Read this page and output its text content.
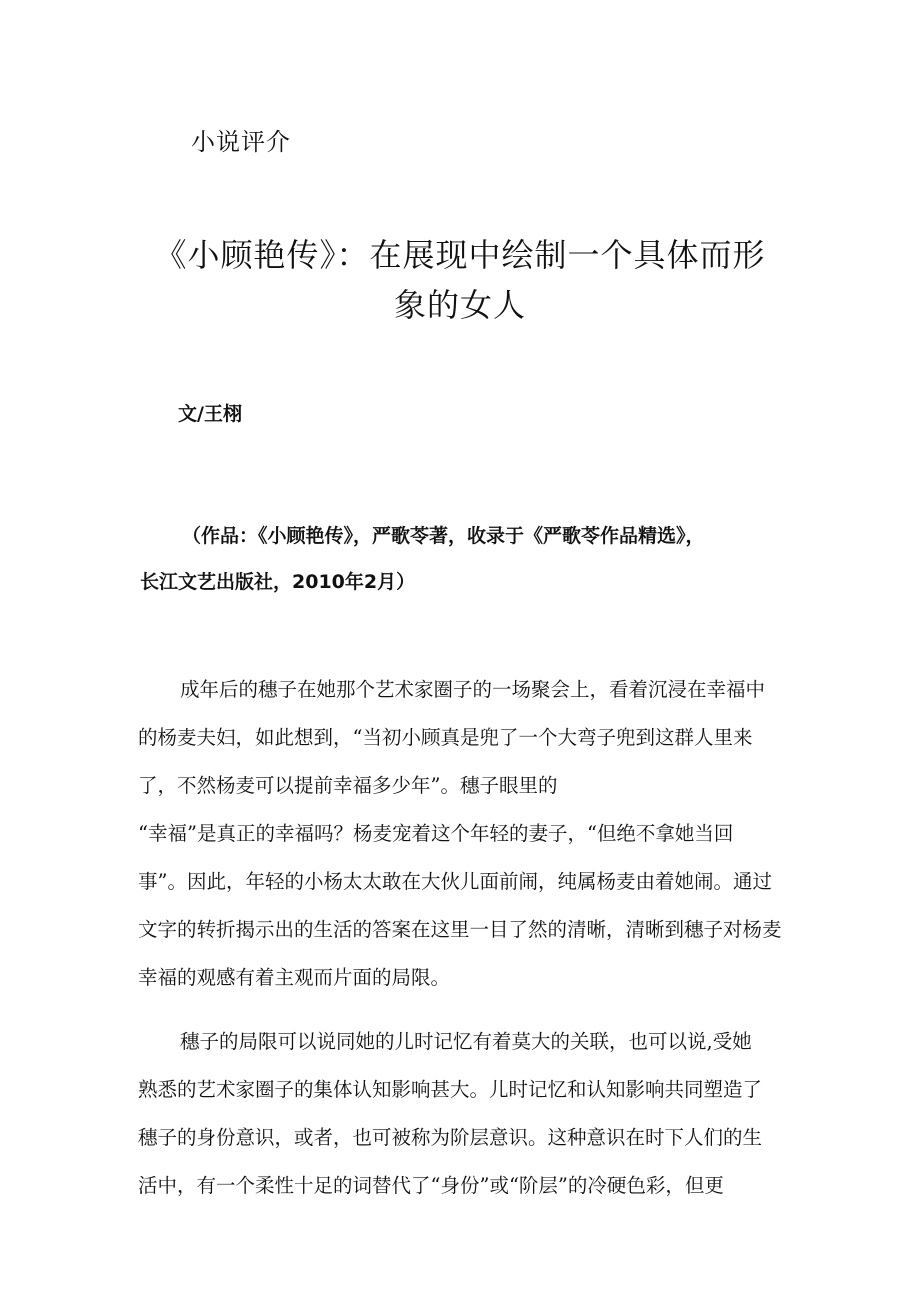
小说评介
《小顾艳传》：在展现中绘制一个具体而形
象的女人
文/王栩
（作品：《小顾艳传》，严歌苓著，收录于《严歌苓作品精选》，
长江文艺出版社，2010年2月）
成年后的穗子在她那个艺术家圈子的一场聚会上，看着沉浸在幸福中
的杨麦夫妇，如此想到，“当初小顾真是兜了一个大弯子兜到这群人里来
了，不然杨麦可以提前幸福多少年”。穗子眼里的
“幸福”是真正的幸福吗？杨麦宠着这个年轻的妻子，“但绝不拿她当回
事”。因此，年轻的小杨太太敢在大伙儿面前闹，纯属杨麦由着她闹。通过
文字的转折揭示出的生活的答案在这里一目了然的清晰，清晰到穗子对杨麦
幸福的观感有着主观而片面的局限。
穗子的局限可以说同她的儿时记忆有着莫大的关联，也可以说,受她
熟悉的艺术家圈子的集体认知影响甚大。儿时记忆和认知影响共同塑造了
穗子的身份意识，或者，也可被称为阶层意识。这种意识在时下人们的生
活中，有一个柔性十足的词替代了“身份”或“阶层”的冷硬色彩，但更
